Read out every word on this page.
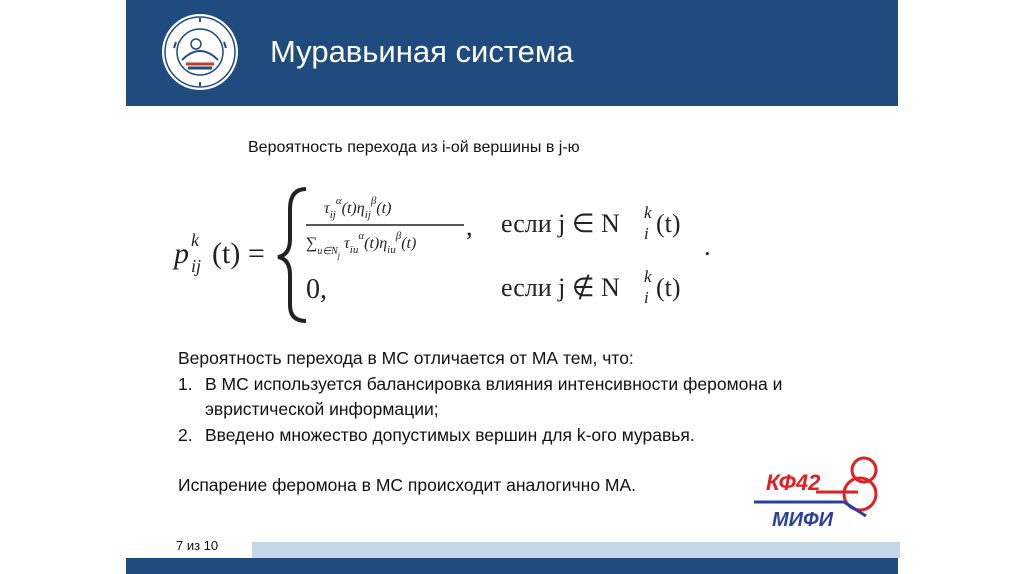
Муравьиная система
Вероятность перехода из i-ой вершины в j-ю
p k
ij (t) =
$\tau_{ij}^\alpha(t)\eta_{ij}^\beta(t)$
$\sum_{u\in Nj}$ $\tau_{iu}^\alpha(t)\eta_{iu}^\beta(t)$
, если j ∈ N k
i (t)
0,	если j ∉ N k
i (t)
.

Вероятность перехода в МС отличается от МА тем, что:

1. В МС используется балансировка влияния интенсивности феромона и эвристической информации;
2. Введено множество допустимых вершин для k-ого муравья.

Испарение феромона в МС происходит аналогично МА.	КФ42
МИФИ
7 из 10
